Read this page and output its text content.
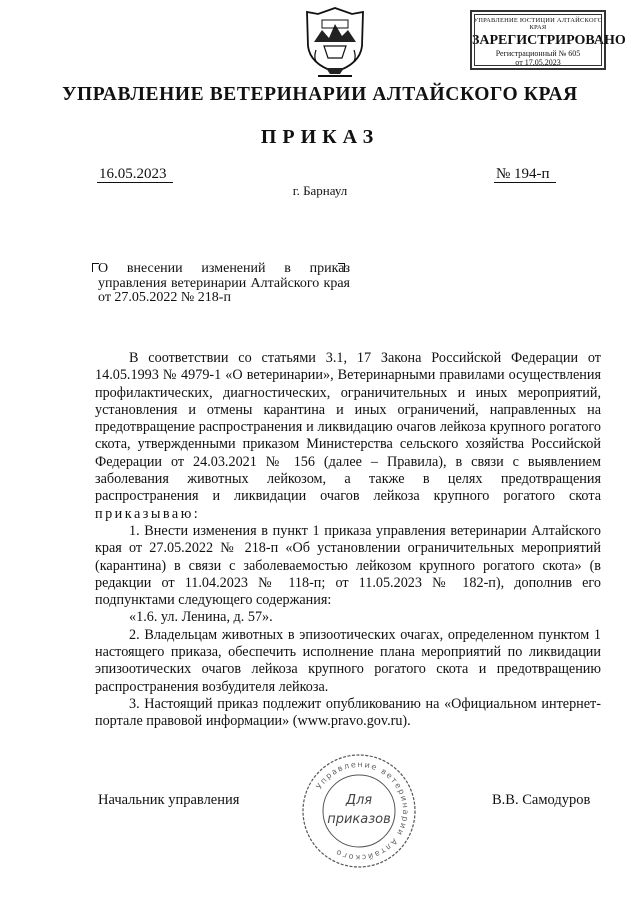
УПРАВЛЕНИЕ ЮСТИЦИИ АЛТАЙСКОГО КРАЯ
ЗАРЕГИСТРИРОВАНО
Регистрационный № 605
от 17.05.2023
УПРАВЛЕНИЕ ВЕТЕРИНАРИИ АЛТАЙСКОГО КРАЯ
ПРИКАЗ
16.05.2023	№ 194-п
г. Барнаул
О внесении изменений в приказ управления ветеринарии Алтайского края от 27.05.2022 № 218-п

В соответствии со статьями 3.1, 17 Закона Российской Федерации от 14.05.1993 № 4979-1 «О ветеринарии», Ветеринарными правилами осуществления профилактических, диагностических, ограничительных и иных мероприятий, установления и отмены карантина и иных ограничений, направленных на предотвращение распространения и ликвидацию очагов лейкоза крупного рогатого скота, утвержденными приказом Министерства сельского хозяйства Российской Федерации от 24.03.2021 № 156 (далее – Правила), в связи с выявлением заболевания животных лейкозом, а также в целях предотвращения распространения и ликвидации очагов лейкоза крупного рогатого скота приказываю:

1. Внести изменения в пункт 1 приказа управления ветеринарии Алтайского края от 27.05.2022 № 218-п «Об установлении ограничительных мероприятий (карантина) в связи с заболеваемостью лейкозом крупного рогатого скота» (в редакции от 11.04.2023 № 118-п; от 11.05.2023 № 182-п), дополнив его подпунктами следующего содержания:

«1.6. ул. Ленина, д. 57».

2. Владельцам животных в эпизоотических очагах, определенном пунктом 1 настоящего приказа, обеспечить исполнение плана мероприятий по ликвидации эпизоотических очагов лейкоза крупного рогатого скота и предотвращению распространения возбудителя лейкоза.

3. Настоящий приказ подлежит опубликованию на «Официальном интернет-портале правовой информации» (www.pravo.gov.ru).

Начальник управления	В.В. Самодуров
Управление ветеринарии Алтайского
Для
приказов
